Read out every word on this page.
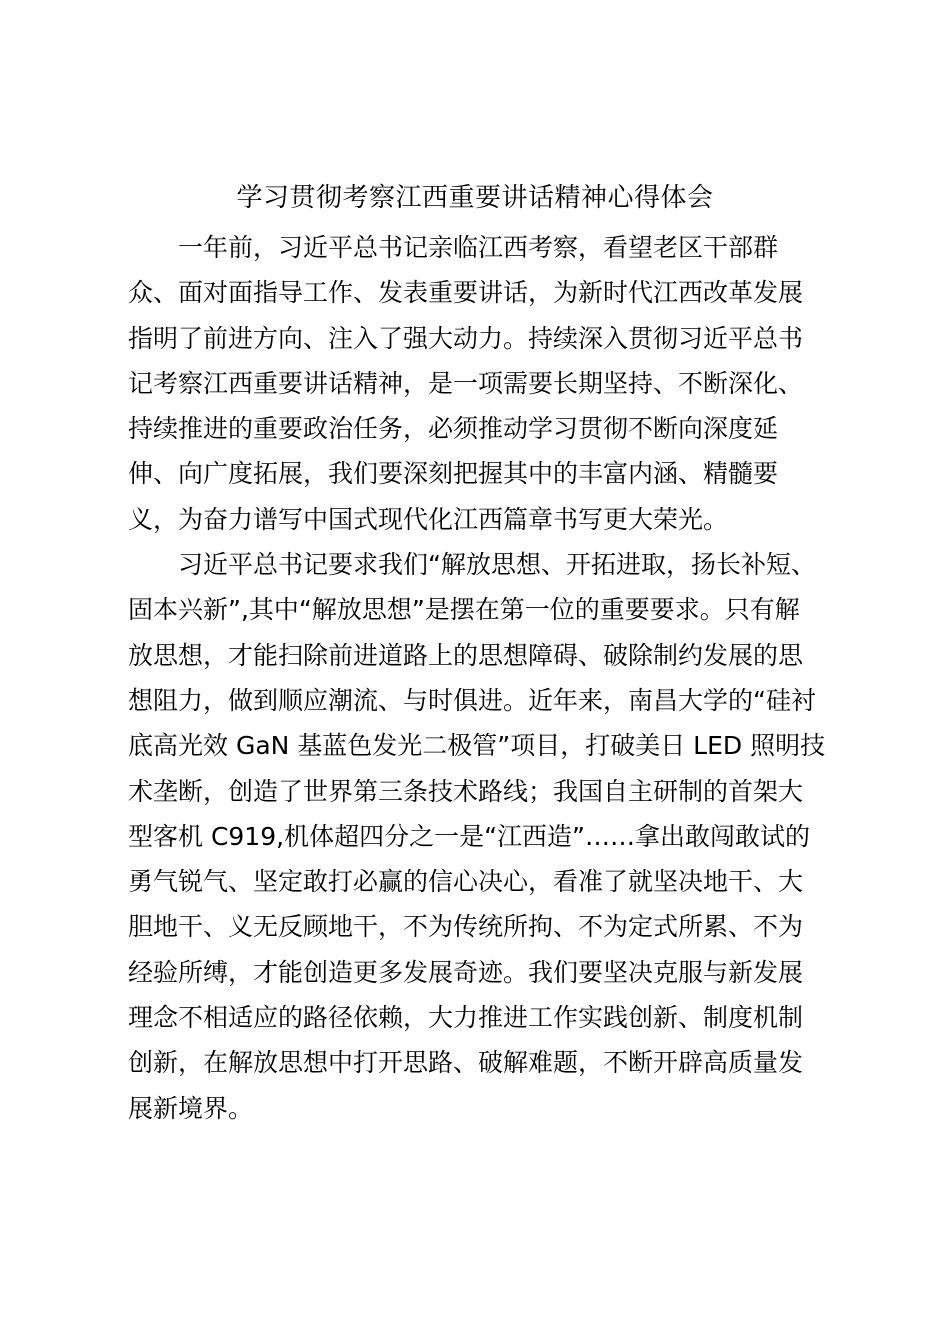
学习贯彻考察江西重要讲话精神心得体会
一年前，习近平总书记亲临江西考察，看望老区干部群
众、面对面指导工作、发表重要讲话，为新时代江西改革发展
指明了前进方向、注入了强大动力。持续深入贯彻习近平总书
记考察江西重要讲话精神，是一项需要长期坚持、不断深化、
持续推进的重要政治任务，必须推动学习贯彻不断向深度延
伸、向广度拓展，我们要深刻把握其中的丰富内涵、精髓要
义，为奋力谱写中国式现代化江西篇章书写更大荣光。
习近平总书记要求我们“解放思想、开拓进取，扬长补短、
固本兴新”,其中“解放思想”是摆在第一位的重要要求。只有解
放思想，才能扫除前进道路上的思想障碍、破除制约发展的思
想阻力，做到顺应潮流、与时俱进。近年来，南昌大学的“硅衬
底高光效 GaN 基蓝色发光二极管”项目，打破美日 LED 照明技
术垄断，创造了世界第三条技术路线；我国自主研制的首架大
型客机 C919,机体超四分之一是“江西造”……拿出敢闯敢试的
勇气锐气、坚定敢打必赢的信心决心，看准了就坚决地干、大
胆地干、义无反顾地干，不为传统所拘、不为定式所累、不为
经验所缚，才能创造更多发展奇迹。我们要坚决克服与新发展
理念不相适应的路径依赖，大力推进工作实践创新、制度机制
创新，在解放思想中打开思路、破解难题，不断开辟高质量发
展新境界。
